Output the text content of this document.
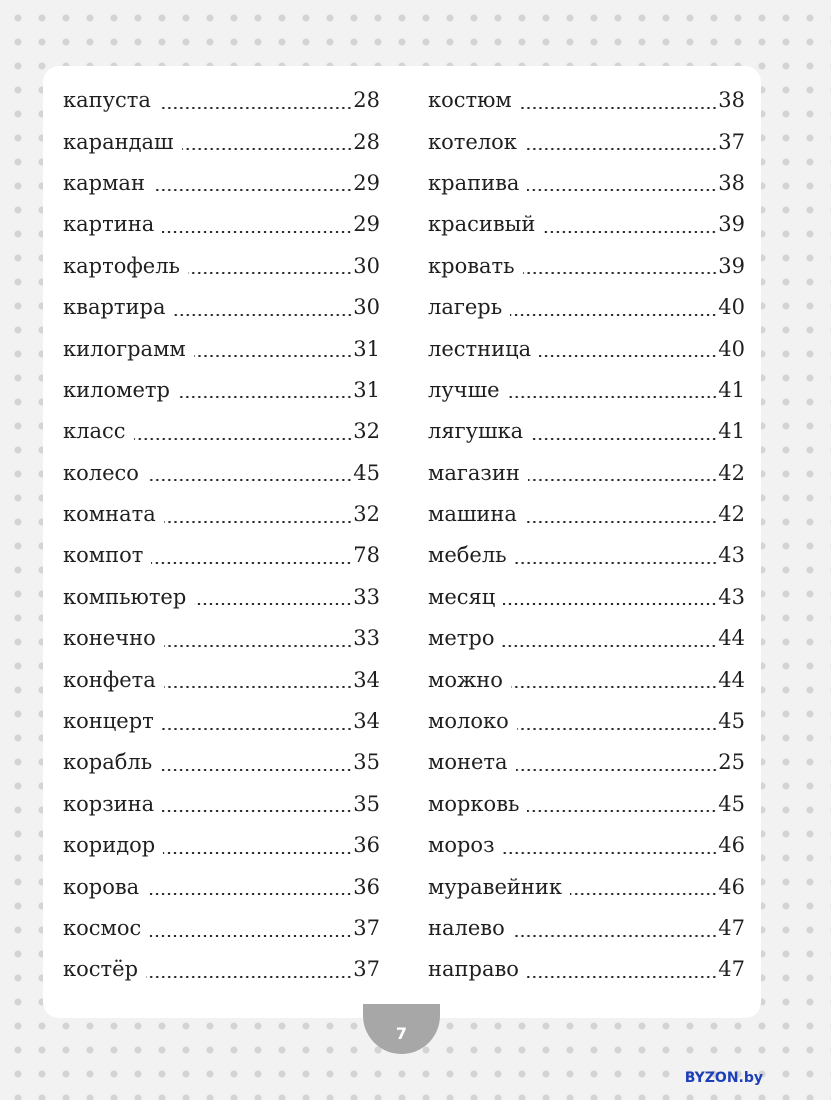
капуста	28
карандаш	28
карман	29
картина	29
картофель	30
квартира	30
килограмм	31
километр	31
класс	32
колесо	45
комната	32
компот	78
компьютер	33
конечно	33
конфета	34
концерт	34
корабль	35
корзина	35
коридор	36
корова	36
космос	37
костёр	37
костюм	38
котелок	37
крапива	38
красивый	39
кровать	39
лагерь	40
лестница	40
лучше	41
лягушка	41
магазин	42
машина	42
мебель	43
месяц	43
метро	44
можно	44
молоко	45
монета	25
морковь	45
мороз	46
муравейник	46
налево	47
направо	47
7
BYZON.by
